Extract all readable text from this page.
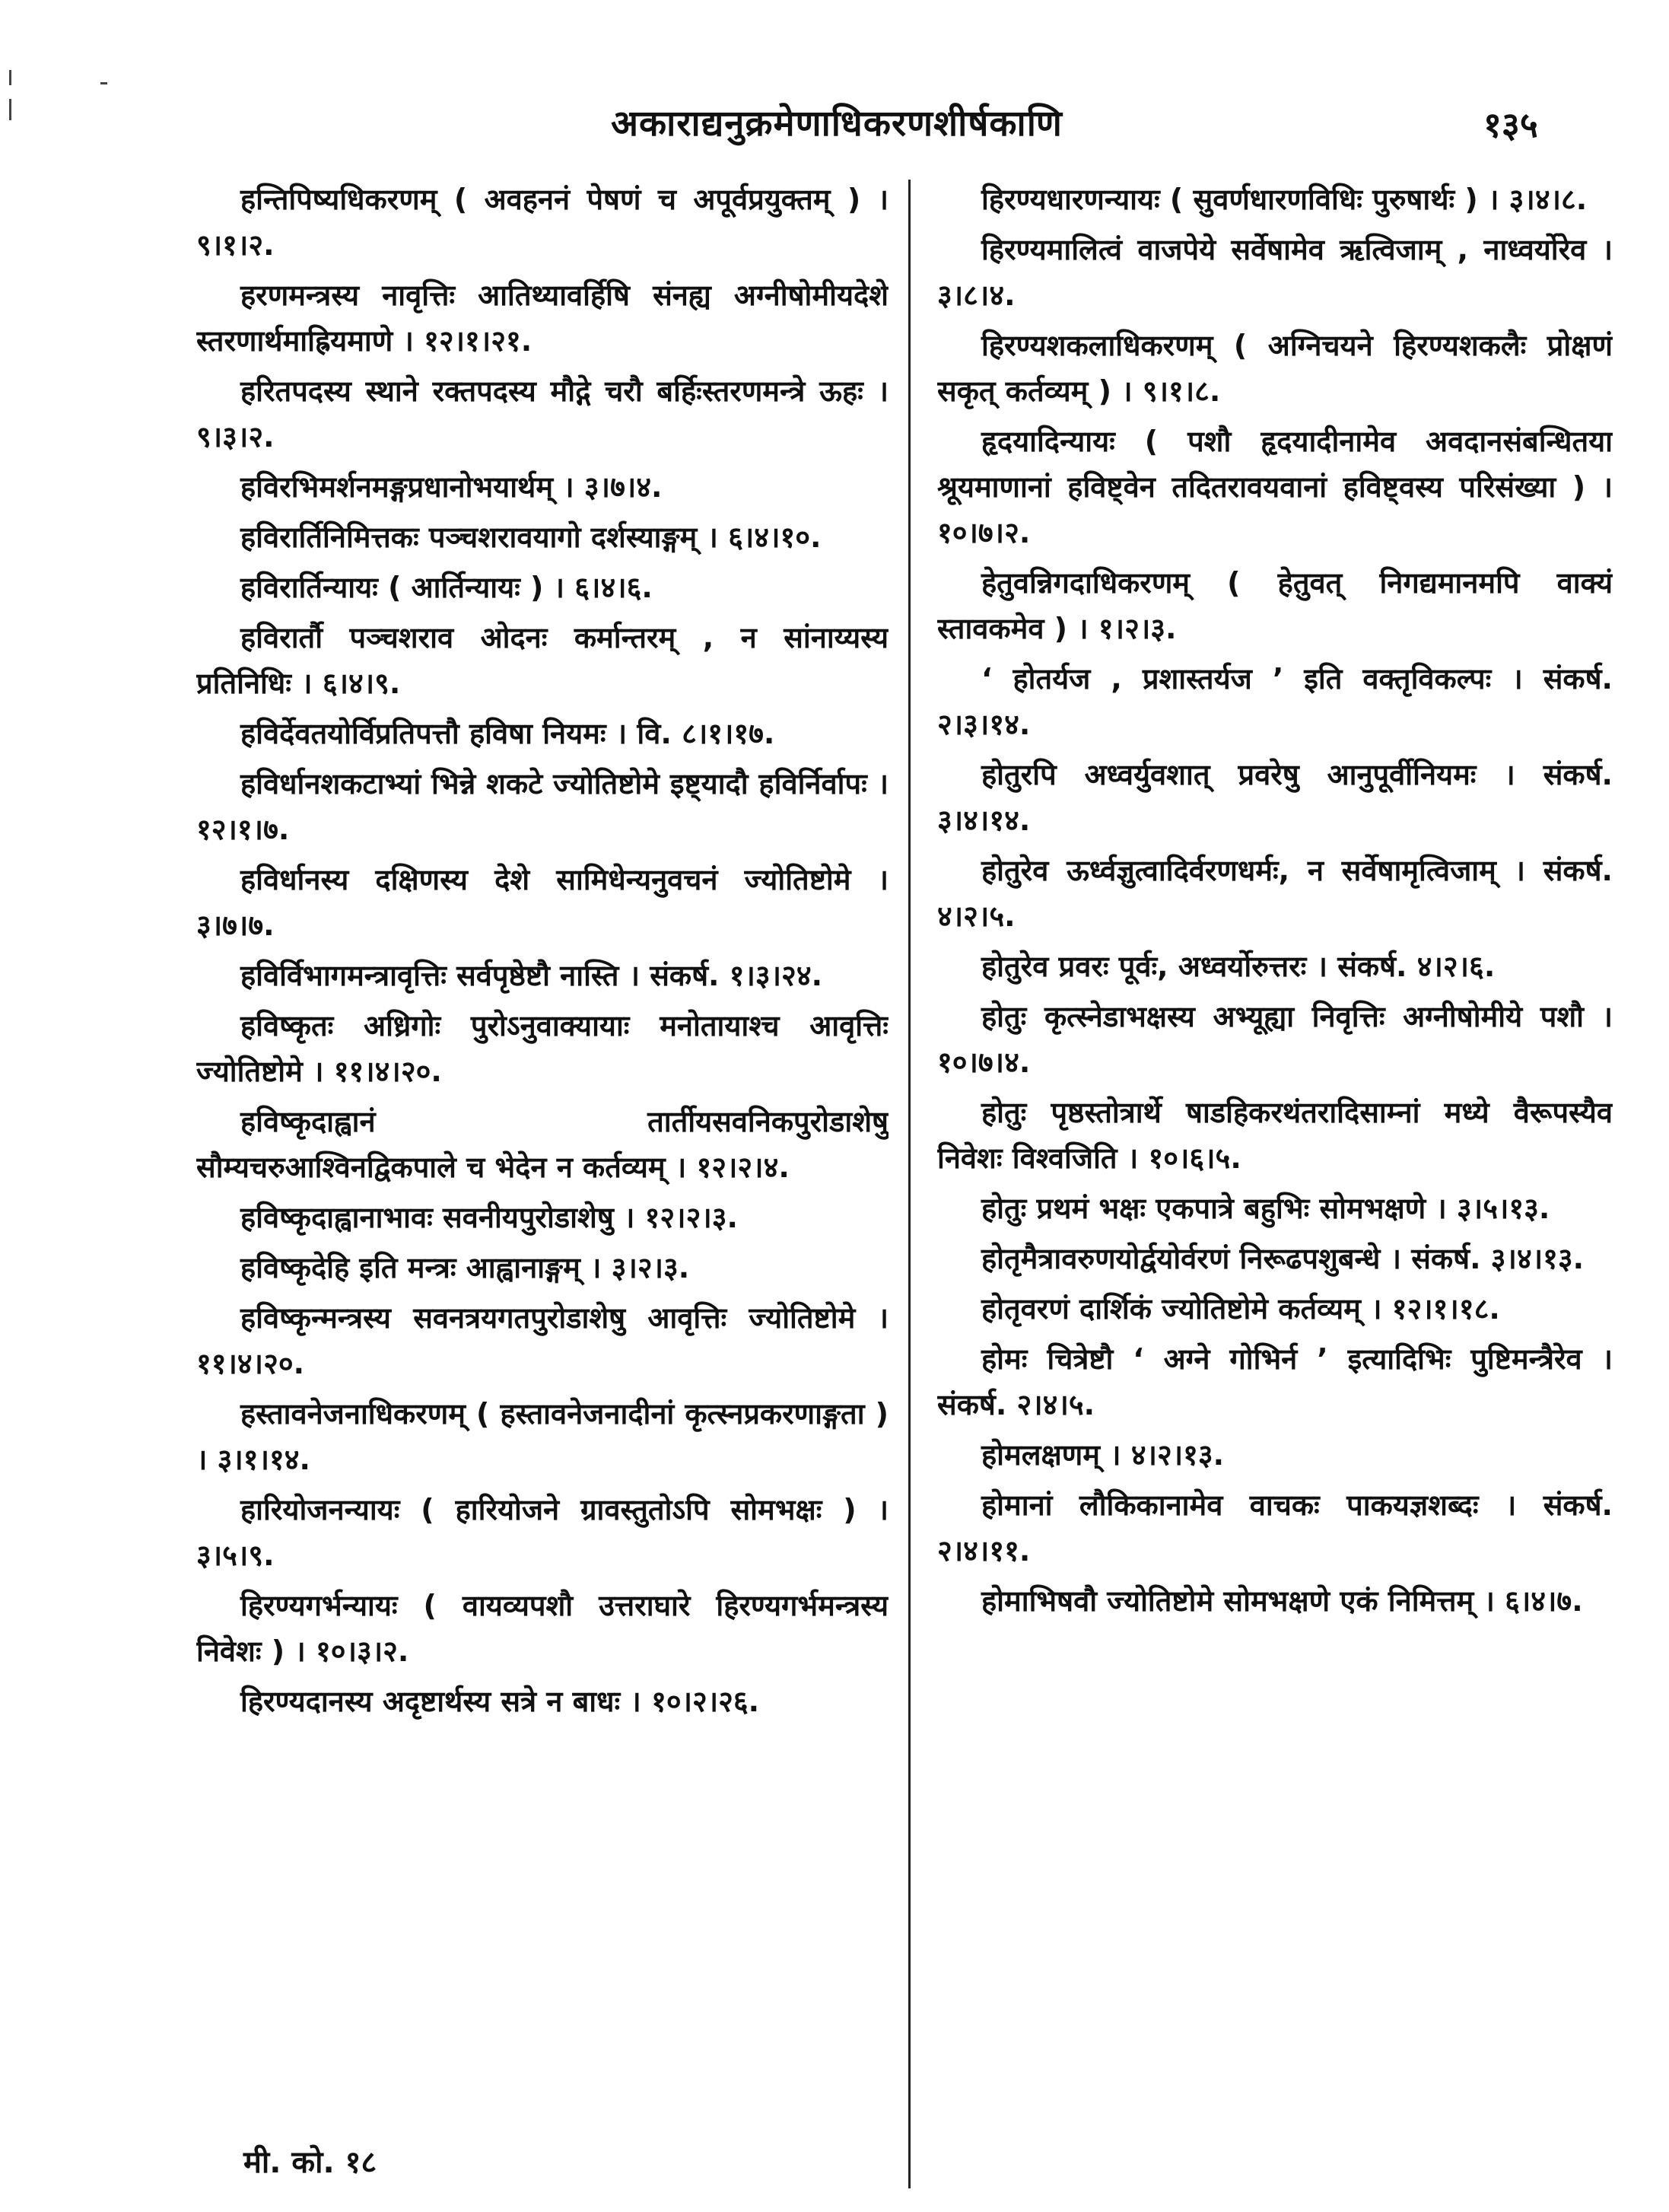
अकाराद्यनुक्रमेणाधिकरणशीर्षकाणि	१३५

हन्तिपिष्यधिकरणम् ( अवहननं पेषणं च अपूर्वप्रयुक्तम् ) । ९।१।२.

हरणमन्त्रस्य नावृत्तिः आतिथ्यावर्हिषि संनह्य अग्नीषोमीयदेशे स्तरणार्थमाह्रियमाणे । १२।१।२१.

हरितपदस्य स्थाने रक्तपदस्य मौद्गे चरौ बर्हिःस्तरणमन्त्रे ऊहः । ९।३।२.

हविरभिमर्शनमङ्गप्रधानोभयार्थम् । ३।७।४.

हविरार्तिनिमित्तकः पञ्चशरावयागो दर्शस्याङ्गम् । ६।४।१०.

हविरार्तिन्यायः ( आर्तिन्यायः ) । ६।४।६.

हविरार्तौ पञ्चशराव ओदनः कर्मान्तरम् , न सांनाय्यस्य प्रतिनिधिः । ६।४।९.

हविर्देवतयोर्विप्रतिपत्तौ हविषा नियमः । वि. ८।१।१७.

हविर्धानशकटाभ्यां भिन्ने शकटे ज्योतिष्टोमे इष्ट्यादौ हविर्निर्वापः । १२।१।७.

हविर्धानस्य दक्षिणस्य देशे सामिधेन्यनुवचनं ज्योतिष्टोमे । ३।७।७.

हविर्विभागमन्त्रावृत्तिः सर्वपृष्ठेष्टौ नास्ति । संकर्ष. १।३।२४.

हविष्कृतः अध्रिगोः पुरोऽनुवाक्यायाः मनोतायाश्च आवृत्तिः ज्योतिष्टोमे । ११।४।२०.

हविष्कृदाह्वानं तार्तीयसवनिकपुरोडाशेषु सौम्यचरुआश्विनद्विकपाले च भेदेन न कर्तव्यम् । १२।२।४.

हविष्कृदाह्वानाभावः सवनीयपुरोडाशेषु । १२।२।३.

हविष्कृदेहि इति मन्त्रः आह्वानाङ्गम् । ३।२।३.

हविष्कृन्मन्त्रस्य सवनत्रयगतपुरोडाशेषु आवृत्तिः ज्योतिष्टोमे । ११।४।२०.

हस्तावनेजनाधिकरणम् ( हस्तावनेजनादीनां कृत्स्नप्रकरणाङ्गता ) । ३।१।१४.

हारियोजनन्यायः ( हारियोजने ग्रावस्तुतोऽपि सोमभक्षः ) । ३।५।९.

हिरण्यगर्भन्यायः ( वायव्यपशौ उत्तराघारे हिरण्यगर्भमन्त्रस्य निवेशः ) । १०।३।२.

हिरण्यदानस्य अदृष्टार्थस्य सत्रे न बाधः । १०।२।२६.

हिरण्यधारणन्यायः ( सुवर्णधारणविधिः पुरुषार्थः ) । ३।४।८.

हिरण्यमालित्वं वाजपेये सर्वेषामेव ऋत्विजाम् , नाध्वर्योरेव । ३।८।४.

हिरण्यशकलाधिकरणम् ( अग्निचयने हिरण्यशकलैः प्रोक्षणं सकृत् कर्तव्यम् ) । ९।१।८.

हृदयादिन्यायः ( पशौ हृदयादीनामेव अवदानसंबन्धितया श्रूयमाणानां हविष्ट्वेन तदितरावयवानां हविष्ट्वस्य परिसंख्या ) । १०।७।२.

हेतुवन्निगदाधिकरणम् ( हेतुवत् निगद्यमानमपि वाक्यं स्तावकमेव ) । १।२।३.

‘ होतर्यज , प्रशास्तर्यज ’ इति वक्तृविकल्पः । संकर्ष. २।३।१४.

होतुरपि अध्वर्युवशात् प्रवरेषु आनुपूर्वीनियमः । संकर्ष. ३।४।१४.

होतुरेव ऊर्ध्वज्ञुत्वादिर्वरणधर्मः, न सर्वेषामृत्विजाम् । संकर्ष. ४।२।५.

होतुरेव प्रवरः पूर्वः, अध्वर्योरुत्तरः । संकर्ष. ४।२।६.

होतुः कृत्स्नेडाभक्षस्य अभ्यूह्या निवृत्तिः अग्नीषोमीये पशौ । १०।७।४.

होतुः पृष्ठस्तोत्रार्थे षाडहिकरथंतरादिसाम्नां मध्ये वैरूपस्यैव निवेशः विश्वजिति । १०।६।५.

होतुः प्रथमं भक्षः एकपात्रे बहुभिः सोमभक्षणे । ३।५।१३.

होतृमैत्रावरुणयोर्द्वयोर्वरणं निरूढपशुबन्धे । संकर्ष. ३।४।१३.

होतृवरणं दार्शिकं ज्योतिष्टोमे कर्तव्यम् । १२।१।१८.

होमः चित्रेष्टौ ‘ अग्ने गोभिर्न ’ इत्यादिभिः पुष्टिमन्त्रैरेव । संकर्ष. २।४।५.

होमलक्षणम् । ४।२।१३.

होमानां लौकिकानामेव वाचकः पाकयज्ञशब्दः । संकर्ष. २।४।११.

होमाभिषवौ ज्योतिष्टोमे सोमभक्षणे एकं निमित्तम् । ६।४।७.

मी. को. १८
